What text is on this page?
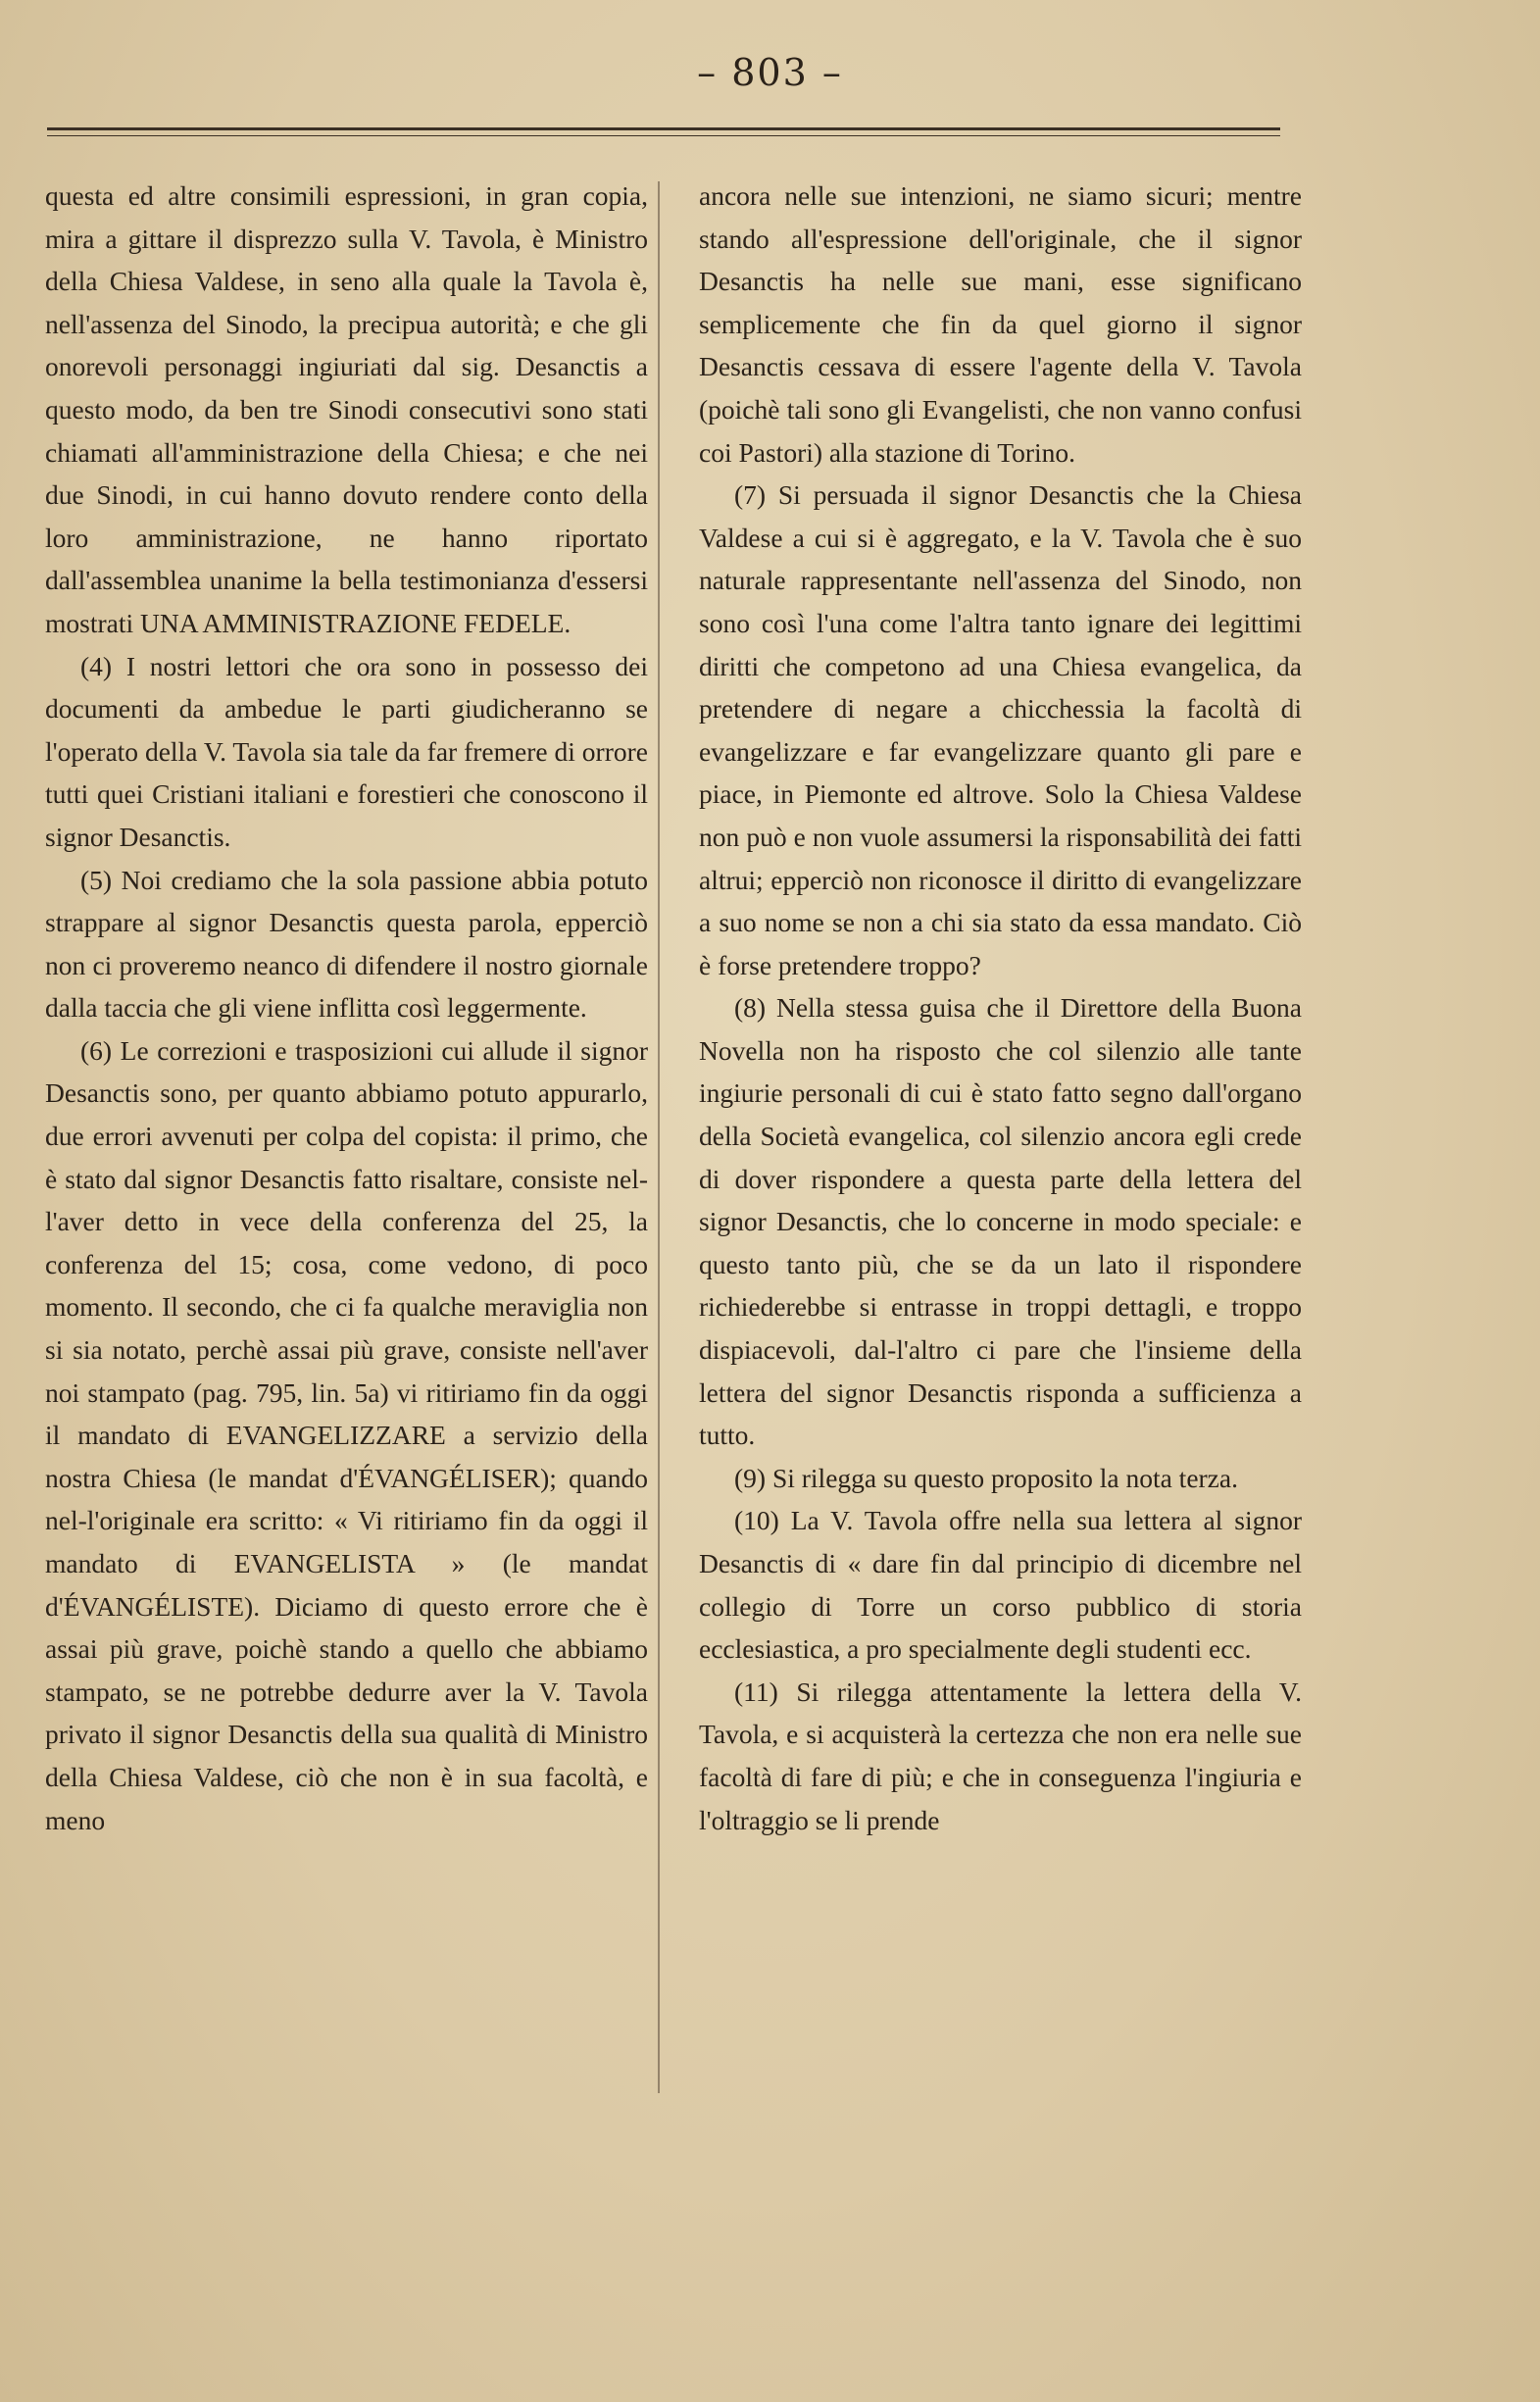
– 803 –

questa ed altre consimili espressioni, in gran copia, mira a gittare il disprezzo sulla V. Tavola, è Ministro della Chiesa Valdese, in seno alla quale la Tavola è, nell'assenza del Sinodo, la precipua autorità; e che gli onorevoli personaggi ingiuriati dal sig. Desanctis a questo modo, da ben tre Sinodi consecutivi sono stati chiamati all'amministrazione della Chiesa; e che nei due Sinodi, in cui hanno dovuto rendere conto della loro amministrazione, ne hanno riportato dall'assemblea unanime la bella testimonianza d'essersi mostrati UNA AMMINISTRAZIONE FEDELE.

(4) I nostri lettori che ora sono in possesso dei documenti da ambedue le parti giudicheranno se l'operato della V. Tavola sia tale da far fremere di orrore tutti quei Cristiani italiani e forestieri che conoscono il signor Desanctis.

(5) Noi crediamo che la sola passione abbia potuto strappare al signor Desanctis questa parola, epperciò non ci proveremo neanco di difendere il nostro giornale dalla taccia che gli viene inflitta così leggermente.

(6) Le correzioni e trasposizioni cui allude il signor Desanctis sono, per quanto abbiamo potuto appurarlo, due errori avvenuti per colpa del copista: il primo, che è stato dal signor Desanctis fatto risaltare, consiste nel-l'aver detto in vece della conferenza del 25, la conferenza del 15; cosa, come vedono, di poco momento. Il secondo, che ci fa qualche meraviglia non si sia notato, perchè assai più grave, consiste nell'aver noi stampato (pag. 795, lin. 5a) vi ritiriamo fin da oggi il mandato di EVANGELIZZARE a servizio della nostra Chiesa (le mandat d'ÉVANGÉLISER); quando nel-l'originale era scritto: « Vi ritiriamo fin da oggi il mandato di EVANGELISTA » (le mandat d'ÉVANGÉLISTE). Diciamo di questo errore che è assai più grave, poichè stando a quello che abbiamo stampato, se ne potrebbe dedurre aver la V. Tavola privato il signor Desanctis della sua qualità di Ministro della Chiesa Valdese, ciò che non è in sua facoltà, e meno

ancora nelle sue intenzioni, ne siamo sicuri; mentre stando all'espressione dell'originale, che il signor Desanctis ha nelle sue mani, esse significano semplicemente che fin da quel giorno il signor Desanctis cessava di essere l'agente della V. Tavola (poichè tali sono gli Evangelisti, che non vanno confusi coi Pastori) alla stazione di Torino.

(7) Si persuada il signor Desanctis che la Chiesa Valdese a cui si è aggregato, e la V. Tavola che è suo naturale rappresentante nell'assenza del Sinodo, non sono così l'una come l'altra tanto ignare dei legittimi diritti che competono ad una Chiesa evangelica, da pretendere di negare a chicchessia la facoltà di evangelizzare e far evangelizzare quanto gli pare e piace, in Piemonte ed altrove. Solo la Chiesa Valdese non può e non vuole assumersi la risponsabilità dei fatti altrui; epperciò non riconosce il diritto di evangelizzare a suo nome se non a chi sia stato da essa mandato. Ciò è forse pretendere troppo?

(8) Nella stessa guisa che il Direttore della Buona Novella non ha risposto che col silenzio alle tante ingiurie personali di cui è stato fatto segno dall'organo della Società evangelica, col silenzio ancora egli crede di dover rispondere a questa parte della lettera del signor Desanctis, che lo concerne in modo speciale: e questo tanto più, che se da un lato il rispondere richiederebbe si entrasse in troppi dettagli, e troppo dispiacevoli, dal-l'altro ci pare che l'insieme della lettera del signor Desanctis risponda a sufficienza a tutto.

(9) Si rilegga su questo proposito la nota terza.

(10) La V. Tavola offre nella sua lettera al signor Desanctis di « dare fin dal principio di dicembre nel collegio di Torre un corso pubblico di storia ecclesiastica, a pro specialmente degli studenti ecc.

(11) Si rilegga attentamente la lettera della V. Tavola, e si acquisterà la certezza che non era nelle sue facoltà di fare di più; e che in conseguenza l'ingiuria e l'oltraggio se li prende
